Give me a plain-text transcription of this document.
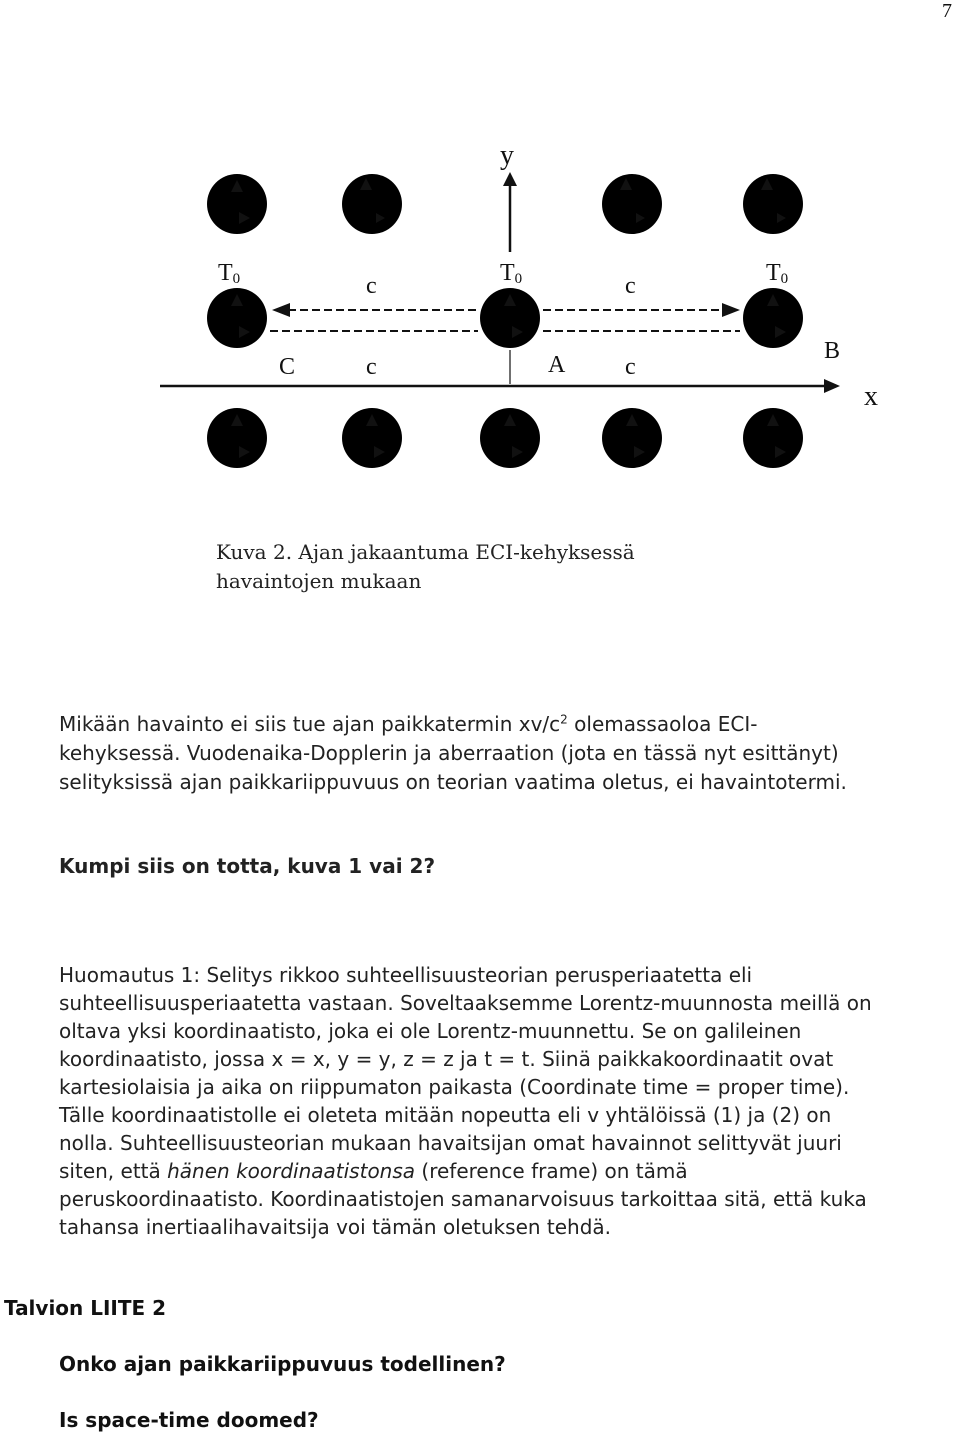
7
y
x
T0	T0	T0
c	c
c	c
C	A
B
Kuva 2. Ajan jakaantuma ECI-kehyksessä
havaintojen mukaan

Mikään havainto ei siis tue ajan paikkatermin $xv/c^2$ olemassaoloa ECI-kehyksessä. Vuodenaika-Dopplerin ja aberraation (jota en tässä nyt esittänyt) selityksissä ajan paikkariippuvuus on teorian vaatima oletus, ei havaintotermi.

Kumpi siis on totta, kuva 1 vai 2?

Huomautus 1: Selitys rikkoo suhteellisuusteorian perusperiaatetta eli suhteellisuusperiaatetta vastaan. Soveltaaksemme Lorentz-muunnosta meillä on oltava yksi koordinaatisto, joka ei ole Lorentz-muunnettu. Se on galileinen koordinaatisto, jossa x = x, y = y, z = z ja t = t. Siinä paikkakoordinaatit ovat kartesiolaisia ja aika on riippumaton paikasta (Coordinate time = proper time). Tälle koordinaatistolle ei oleteta mitään nopeutta eli v yhtälöissä (1) ja (2) on nolla. Suhteellisuusteorian mukaan havaitsijan omat havainnot selittyvät juuri siten, että hänen koordinaatistonsa (reference frame) on tämä peruskoordinaatisto. Koordinaatistojen samanarvoisuus tarkoittaa sitä, että kuka tahansa inertiaalihavaitsija voi tämän oletuksen tehdä.

Talvion LIITE 2
Onko ajan paikkariippuvuus todellinen?
Is space-time doomed?
